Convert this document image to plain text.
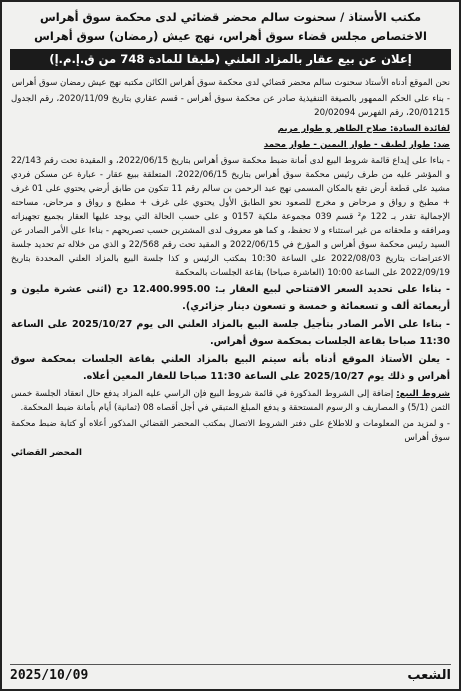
مكتب الأستاذ / سحنوت سالم محضر قضائي لدى محكمة سوق أهراس
الاختصاص مجلس قضاء سوق أهراس، نهج عيش (رمضان) سوق أهراس
إعلان عن بيع عقار بالمزاد العلني (طبقا للمادة 748 من ق.إ.م.إ)

نحن الموقع أدناه الأستاذ سحنوت سالم محضر قضائي لدى محكمة سوق أهراس الكائن مكتبه نهج عيش رمضان سوق أهراس

- بناء على الحكم الممهور بالصيغة التنفيذية صادر عن محكمة سوق أهراس - قسم عقاري بتاريخ 2020/11/09، رقم الجدول 20/01215، رقم الفهرس 20/02094

لفائدة السادة: صلاح الطاهر و طوار مريم

ضد: طوار لطيف - طوار اليمين - طوار محمد

- بناءا على إيداع قائمة شروط البيع لدى أمانة ضبط محكمة سوق أهراس بتاريخ 2022/06/15، و المقيدة تحت رقم 22/143 و المؤشر عليه من طرف رئيس محكمة سوق أهراس بتاريخ 2022/06/15، المتعلقة ببيع عقار - عبارة عن مسكن فردي مشيد على قطعة أرض تقع بالمكان المسمى نهج عبد الرحمن بن سالم رقم 11 تتكون من طابق أرضي يحتوي على 01 غرف + مطبخ و رواق و مرحاض و مخرج للصعود نحو الطابق الأول يحتوي على غرف + مطبخ و رواق و مرحاض، مساحته الإجمالية تقدر بـ 122 م² قسم 039 مجموعة ملكية 0157 و على حسب الحالة التي يوجد عليها العقار بجميع تجهيزاته ومرافقه و ملحقاته من غير استثناء و لا تحفظ، و كما هو معروف لدى المشترين حسب تصريحهم - بناءا على الأمر الصادر عن السيد رئيس محكمة سوق أهراس و المؤرخ في 2022/06/15 و المقيد تحت رقم 22/568 و الذي من خلاله تم تحديد جلسة الاعتراضات بتاريخ 2022/08/03 على الساعة 10:30 بمكتب الرئيس و كذا جلسة البيع بالمزاد العلني المحددة بتاريخ 2022/09/19 على الساعة 10:00 (العاشرة صباحا) بقاعة الجلسات بالمحكمة

- بناءا على تحديد السعر الافتتاحي لبيع العقار بـ: 12.400.995.00 دج (اثنى عشرة مليون و أربعمائة ألف و تسعمائة و خمسة و تسعون دينار جزائري).

- بناءا على الأمر الصادر بتأجيل جلسة البيع بالمزاد العلني الى يوم 2025/10/27 على الساعة 11:30 صباحا بقاعة الجلسات بمحكمة سوق أهراس.

- يعلن الأستاذ الموقع أدناه بأنه سيتم البيع بالمزاد العلني بقاعة الجلسات بمحكمة سوق أهراس و ذلك يوم 2025/10/27 على الساعة 11:30 صباحا للعقار المعين أعلاه.

شروط البيع: إضافة إلى الشروط المذكورة في قائمة شروط البيع فإن الراسي عليه المزاد يدفع حال انعقاد الجلسة خمس الثمن (5/1) و المصاريف و الرسوم المستحقة و يدفع المبلغ المتبقي في أجل أقصاه 08 (ثمانية) أيام بأمانة ضبط المحكمة.

- و لمزيد من المعلومات و للاطلاع على دفتر الشروط الاتصال بمكتب المحضر القضائي المذكور أعلاه أو كتابة ضبط محكمة سوق أهراس
المحضر القضائي
الشعب
2025/10/09
